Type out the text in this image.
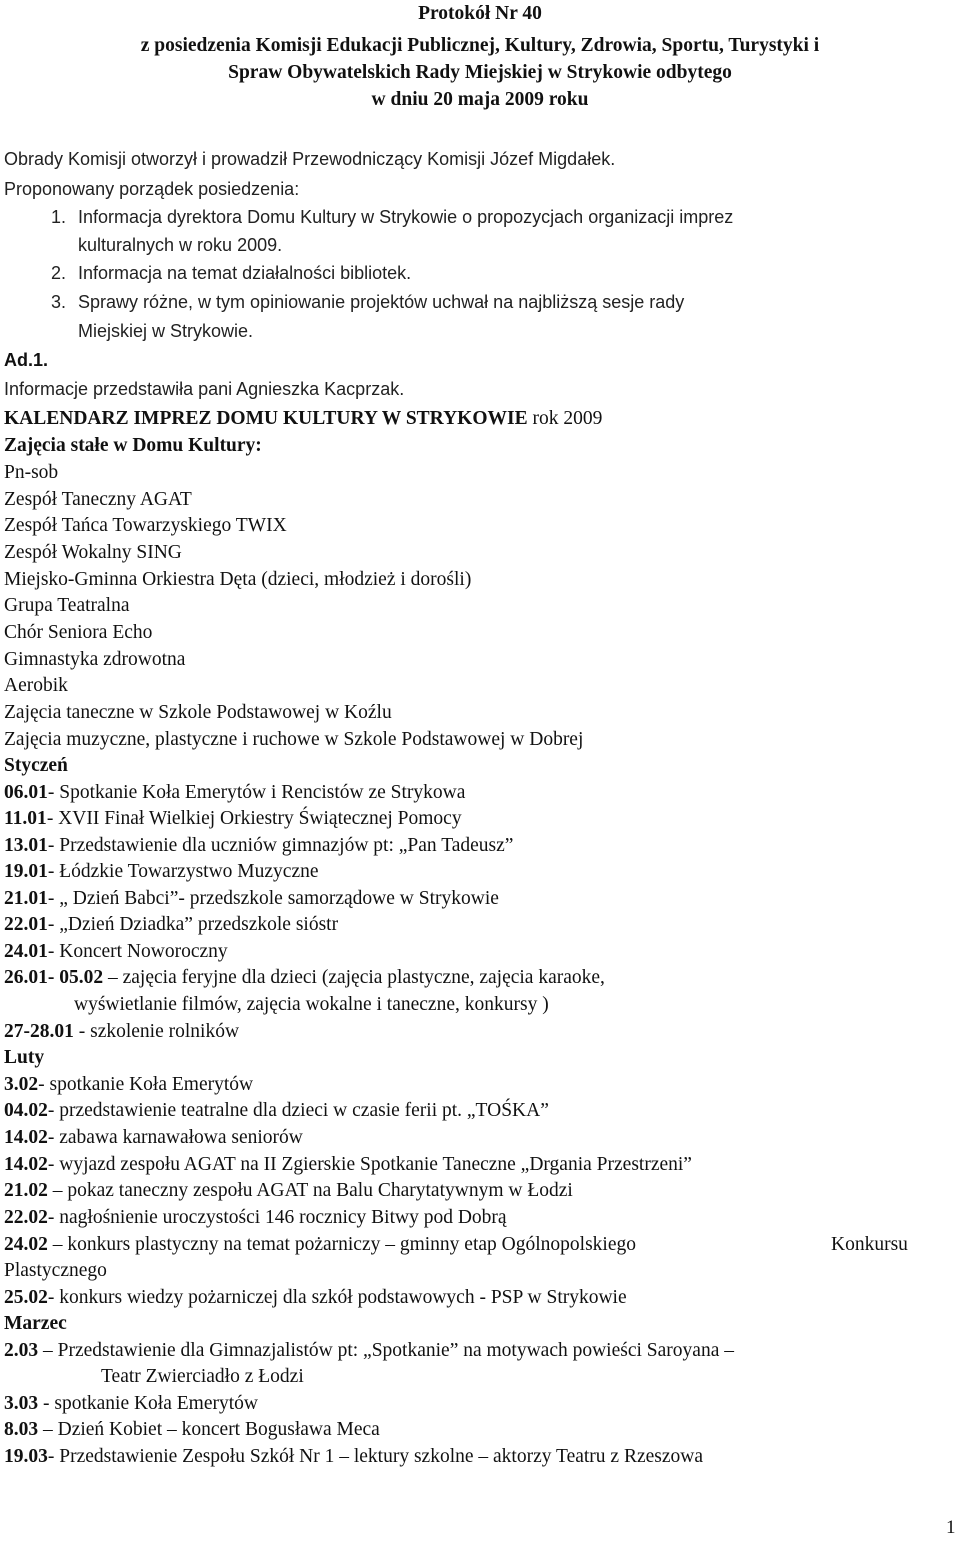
Protokół Nr 40
z posiedzenia Komisji Edukacji Publicznej, Kultury, Zdrowia, Sportu, Turystyki i
Spraw Obywatelskich Rady Miejskiej w Strykowie odbytego
w dniu 20 maja 2009 roku
Obrady Komisji otworzył i prowadził Przewodniczący Komisji Józef Migdałek.
Proponowany porządek posiedzenia:
1. Informacja dyrektora Domu Kultury w Strykowie o propozycjach organizacji imprez
kulturalnych w roku 2009.
2. Informacja na temat działalności bibliotek.
3. Sprawy różne, w tym opiniowanie projektów uchwał na najbliższą sesje rady
Miejskiej w Strykowie.
Ad.1.
Informacje przedstawiła pani Agnieszka Kacprzak.
KALENDARZ IMPREZ DOMU KULTURY W STRYKOWIE rok 2009
Zajęcia stałe w Domu Kultury:
Pn-sob
Zespół Taneczny AGAT
Zespół Tańca Towarzyskiego TWIX
Zespół Wokalny SING
Miejsko-Gminna Orkiestra Dęta (dzieci, młodzież i dorośli)
Grupa Teatralna
Chór Seniora Echo
Gimnastyka zdrowotna
Aerobik
Zajęcia taneczne w Szkole Podstawowej w Koźlu
Zajęcia muzyczne, plastyczne i ruchowe w Szkole Podstawowej w Dobrej
Styczeń
06.01- Spotkanie Koła Emerytów i Rencistów ze Strykowa
11.01- XVII Finał Wielkiej Orkiestry Świątecznej Pomocy
13.01- Przedstawienie dla uczniów gimnazjów pt: „Pan Tadeusz”
19.01- Łódzkie Towarzystwo Muzyczne
21.01- „ Dzień Babci”- przedszkole samorządowe w Strykowie
22.01- „Dzień Dziadka” przedszkole sióstr
24.01- Koncert Noworoczny
26.01- 05.02 – zajęcia feryjne dla dzieci (zajęcia plastyczne, zajęcia karaoke,
wyświetlanie filmów, zajęcia wokalne i taneczne, konkursy )
27-28.01 - szkolenie rolników
Luty
3.02- spotkanie Koła Emerytów
04.02- przedstawienie teatralne dla dzieci w czasie ferii pt. „TOŚKA”
14.02- zabawa karnawałowa seniorów
14.02- wyjazd zespołu AGAT na II Zgierskie Spotkanie Taneczne „Drgania Przestrzeni”
21.02 – pokaz taneczny zespołu AGAT na Balu Charytatywnym w Łodzi
22.02- nagłośnienie uroczystości 146 rocznicy Bitwy pod Dobrą
24.02 – konkurs plastyczny na temat pożarniczy – gminny etap Ogólnopolskiego	Konkursu
Plastycznego
25.02- konkurs wiedzy pożarniczej dla szkół podstawowych - PSP w Strykowie
Marzec
2.03 – Przedstawienie dla Gimnazjalistów pt: „Spotkanie” na motywach powieści Saroyana –
Teatr Zwierciadło z Łodzi
3.03 - spotkanie Koła Emerytów
8.03 – Dzień Kobiet – koncert Bogusława Meca
19.03- Przedstawienie Zespołu Szkół Nr 1 – lektury szkolne – aktorzy Teatru z Rzeszowa
1
